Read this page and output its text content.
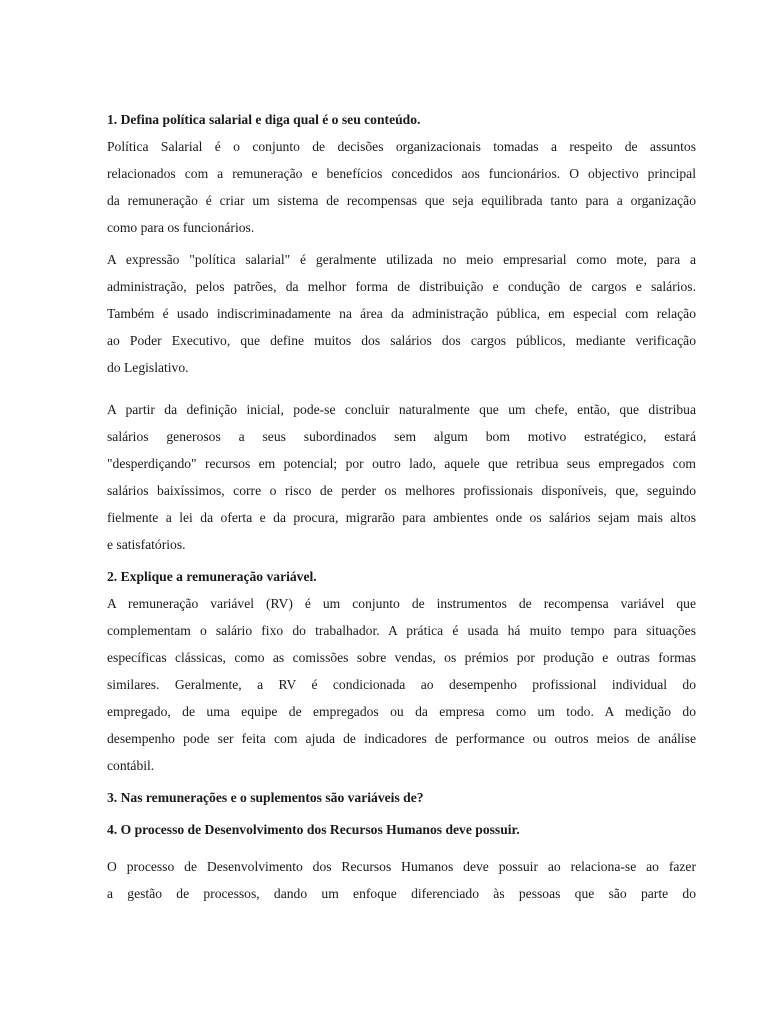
1. Defina política salarial e diga qual é o seu conteúdo.
Política Salarial é o conjunto de decisões organizacionais tomadas a respeito de assuntos
relacionados com a remuneração e benefícios concedidos aos funcionários. O objectivo principal
da remuneração é criar um sistema de recompensas que seja equilibrada tanto para a organização
como para os funcionários.
A expressão "política salarial" é geralmente utilizada no meio empresarial como mote, para a
administração, pelos patrões, da melhor forma de distribuição e condução de cargos e salários.
Também é usado indiscriminadamente na área da administração pública, em especial com relação
ao Poder Executivo, que define muitos dos salários dos cargos públicos, mediante verificação
do Legislativo.
A partir da definição inicial, pode-se concluir naturalmente que um chefe, então, que distribua
salários generosos a seus subordinados sem algum bom motivo estratégico, estará
"desperdiçando" recursos em potencial; por outro lado, aquele que retribua seus empregados com
salários baixíssimos, corre o risco de perder os melhores profissionais disponíveis, que, seguindo
fielmente a lei da oferta e da procura, migrarão para ambientes onde os salários sejam mais altos
e satisfatórios.
2. Explique a remuneração variável.
A remuneração variável (RV) é um conjunto de instrumentos de recompensa variável que
complementam o salário fixo do trabalhador. A prática é usada há muito tempo para situações
específicas clássicas, como as comissões sobre vendas, os prémios por produção e outras formas
similares. Geralmente, a RV é condicionada ao desempenho profissional individual do
empregado, de uma equipe de empregados ou da empresa como um todo. A medição do
desempenho pode ser feita com ajuda de indicadores de performance ou outros meios de análise
contábil.
3. Nas remunerações e o suplementos são variáveis de?
4. O processo de Desenvolvimento dos Recursos Humanos deve possuir.
O processo de Desenvolvimento dos Recursos Humanos deve possuir ao relaciona-se ao fazer
a gestão de processos, dando um enfoque diferenciado às pessoas que são parte do
